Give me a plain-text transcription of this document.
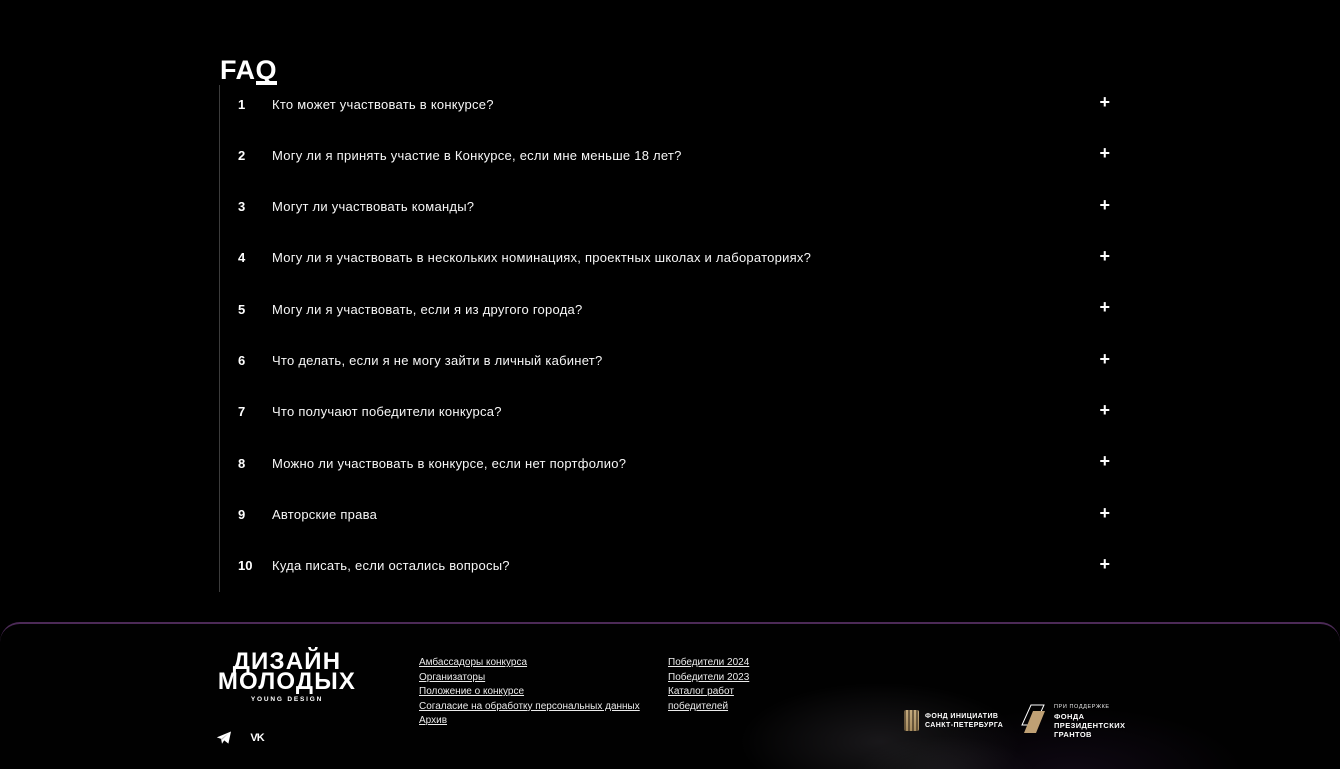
FAQ
1	Кто может участвовать в конкурсе?	+
2	Могу ли я принять участие в Конкурсе, если мне меньше 18 лет?	+
3	Могут ли участвовать команды?	+
4	Могу ли я участвовать в нескольких номинациях, проектных школах и лабораториях?	+
5	Могу ли я участвовать, если я из другого города?	+
6	Что делать, если я не могу зайти в личный кабинет?	+
7	Что получают победители конкурса?	+
8	Можно ли участвовать в конкурсе, если нет портфолио?	+
9	Авторские права	+
10	Куда писать, если остались вопросы?	+
ДИЗАЙН
МОЛОДЫХ
YOUNG DESIGN
VK
Амбассадоры конкурса
Организаторы
Положение о конкурсе
Согаласие на обработку персональных данных
Архив
Победители 2024
Победители 2023
Каталог работ победителей
ФОНД ИНИЦИАТИВ
САНКТ-ПЕТЕРБУРГА
ПРИ ПОДДЕРЖКЕ
ФОНДА
ПРЕЗИДЕНТСКИХ
ГРАНТОВ
